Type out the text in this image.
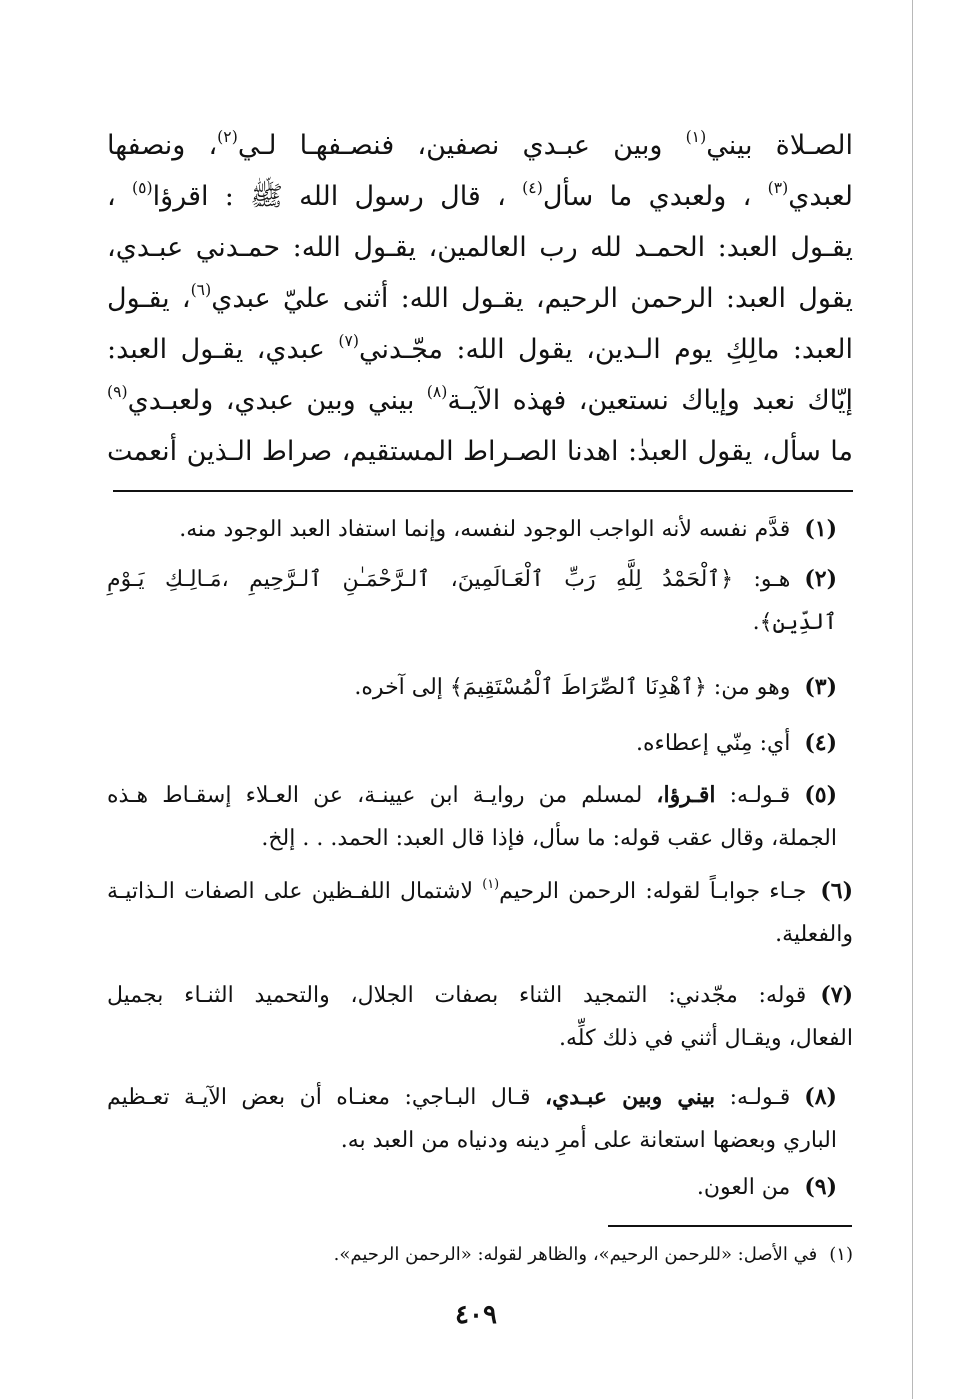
الصـلاة بيني$^{(١)}$ وبين عبـدي نصفين، فنصـفهـا لـي$^{(٢)}$، ونصفها
لعبدي$^{(٣)}$ ، ولعبدي ما سأل$^{(٤)}$ ، قال رسول الله ﷺ : اقرؤا$^{(٥)}$ ،
يقـول العبد: الحمـد لله رب العالمين، يقـول الله: حمـدني عبـدي،
يقول العبد: الرحمن الرحيم، يقـول الله: أثنى عليّ عبدي$^{(٦)}$، يقـول
العبد: مالِكِ يوم الـدين، يقول الله: مجّـدني$^{(٧)}$ عبدي، يقـول العبد:
إيّاك نعبد وإياك نستعين، فهذه الآيـة$^{(٨)}$ بيني وبين عبدي، ولعبـدي$^{(٩)}$
ما سأل، يقول العبدٰ: اهدنا الصـراط المستقيم، صراط الـذين أنعمت
(١)قدَّم نفسه لأنه الواجب الوجود لنفسه، وإنما استفاد العبد الوجود منه.
(٢)هـو: ﴿ٱلْحَمْدُ لِلَّهِ رَبِّ ٱلْعَـالَمِينَ، ٱلـرَّحْمَـٰنِ ٱلـرَّحِيمِ ،مَـالِـكِ يَـوْمِ
ٱلدِّينِ﴾.
(٣)وهو من: ﴿ٱهْدِنَا ٱلصِّرَاطَ ٱلْمُسْتَقِيمَ﴾ إلى آخره.
(٤)أي: مِنّي إعطاءه.
(٥)قـولـه: اقـرؤا، لمسلم من روايـة ابن عيينـة، عن العـلاء إسقـاط هـذه
الجملة، وقال عقب قوله: ما سأل، فإذا قال العبد: الحمد. . . إلخ.
(٦)جـاء جوابـاً لقوله: الرحمن الرحيم$^{(١)}$ لاشتمال اللفـظين على الصفات الـذاتيـة
والفعلية.
(٧)قوله: مجّدني: التمجيد الثناء بصفات الجلال، والتحميد الثنـاء بجميل
الفعال، ويقـال أثني في ذلك كلِّه.
(٨)قـولـه: بيني وبين عبـدي، قـال البـاجي: معنـاه أن بعض الآيـة تعـظيم
الباري وبعضها استعانة على أمرِ دينه ودنياه من العبد به.
(٩)من العون.
(١)في الأصل: «للرحمن الرحيم»، والظاهر لقوله: «الرحمن الرحيم».
٤٠٩
